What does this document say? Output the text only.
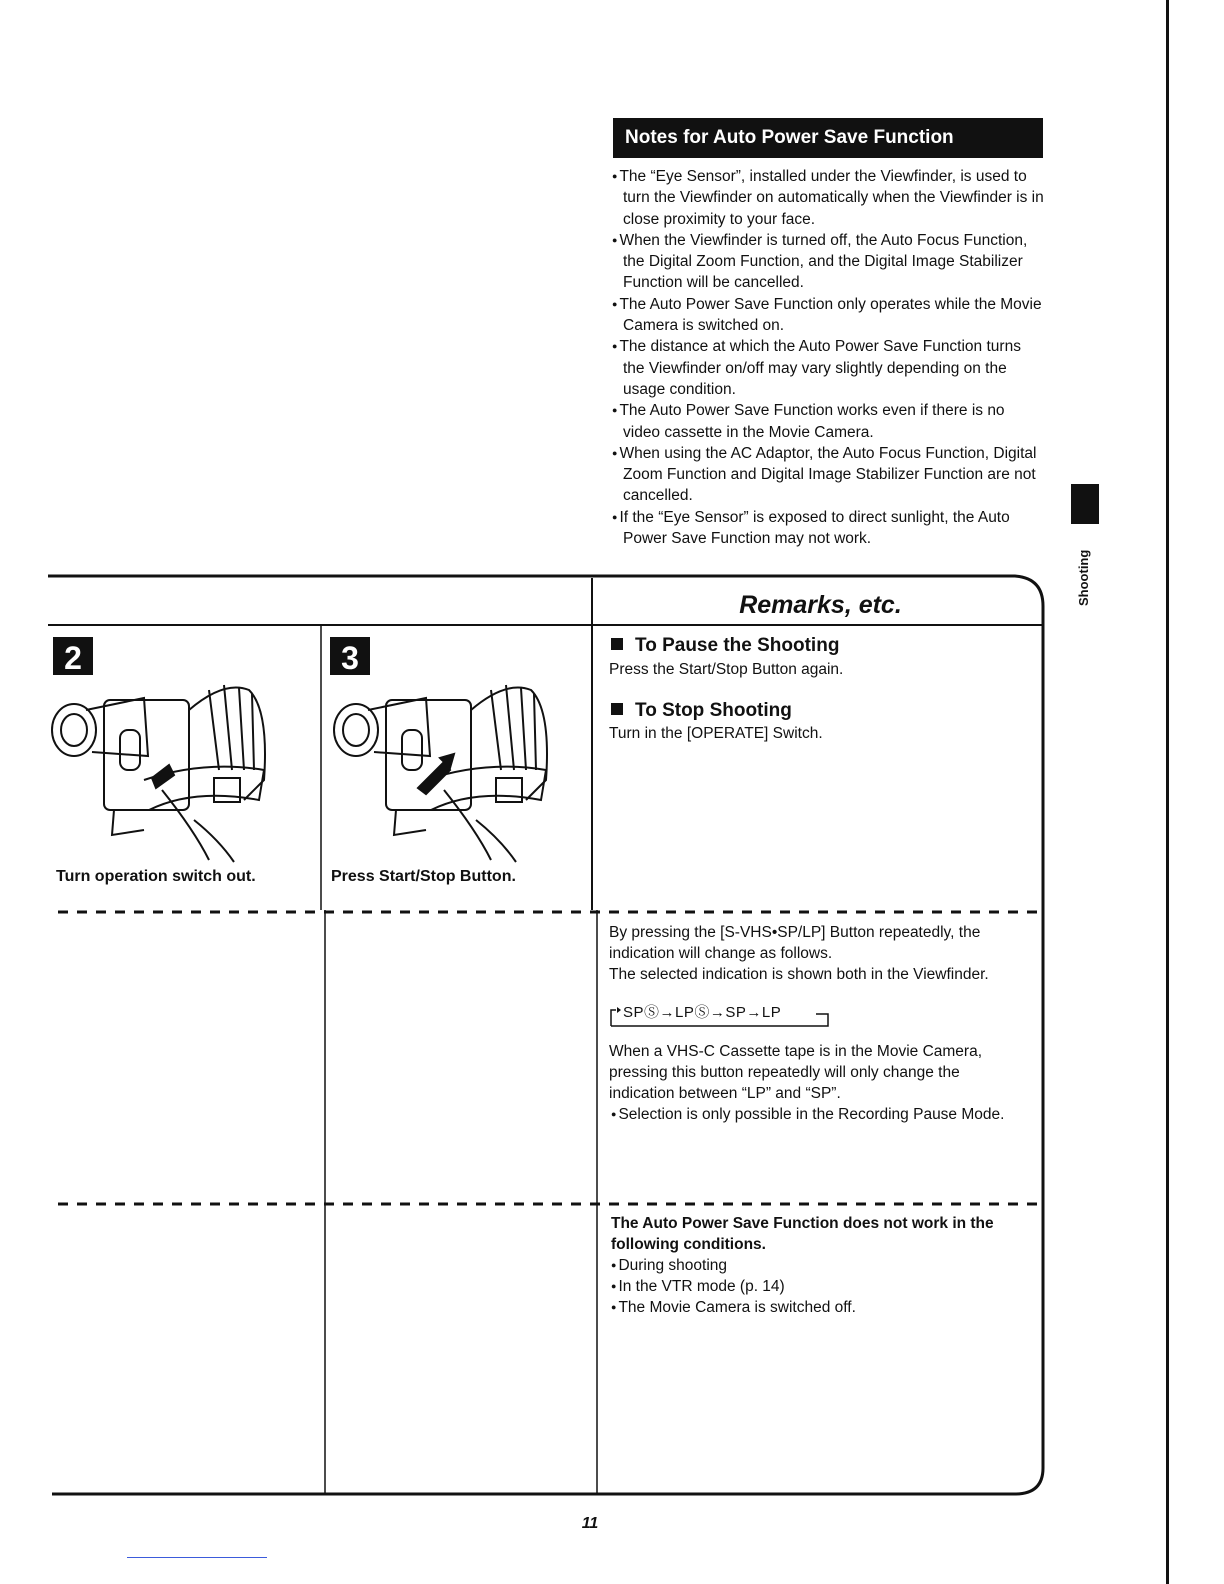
Notes for Auto Power Save Function
● The “Eye Sensor”, installed under the Viewfinder, is used to turn the Viewfinder on automatically when the Viewfinder is in close proximity to your face.
● When the Viewfinder is turned off, the Auto Focus Function, the Digital Zoom Function, and the Digital Image Stabilizer Function will be cancelled.
● The Auto Power Save Function only operates while the Movie Camera is switched on.
● The distance at which the Auto Power Save Function turns the Viewfinder on/off may vary slightly depending on the usage condition.
● The Auto Power Save Function works even if there is no video cassette in the Movie Camera.
● When using the AC Adaptor, the Auto Focus Function, Digital Zoom Function and Digital Image Stabilizer Function are not cancelled.
● If the “Eye Sensor” is exposed to direct sunlight, the Auto Power Save Function may not work.
Shooting
Remarks, etc.
2
Turn operation switch out.
3
Press Start/Stop Button.
To Pause the Shooting
Press the Start/Stop Button again.
To Stop Shooting
Turn in the [OPERATE] Switch.
By pressing the [S-VHS•SP/LP] Button repeatedly, the indication will change as follows.
The selected indication is shown both in the Viewfinder.
SPⓈ→LPⓈ→SP→LP
When a VHS-C Cassette tape is in the Movie Camera, pressing this button repeatedly will only change the indication between “LP” and “SP”.
● Selection is only possible in the Recording Pause Mode.
The Auto Power Save Function does not work in the following conditions.
● During shooting
● In the VTR mode (p. 14)
● The Movie Camera is switched off.
11
